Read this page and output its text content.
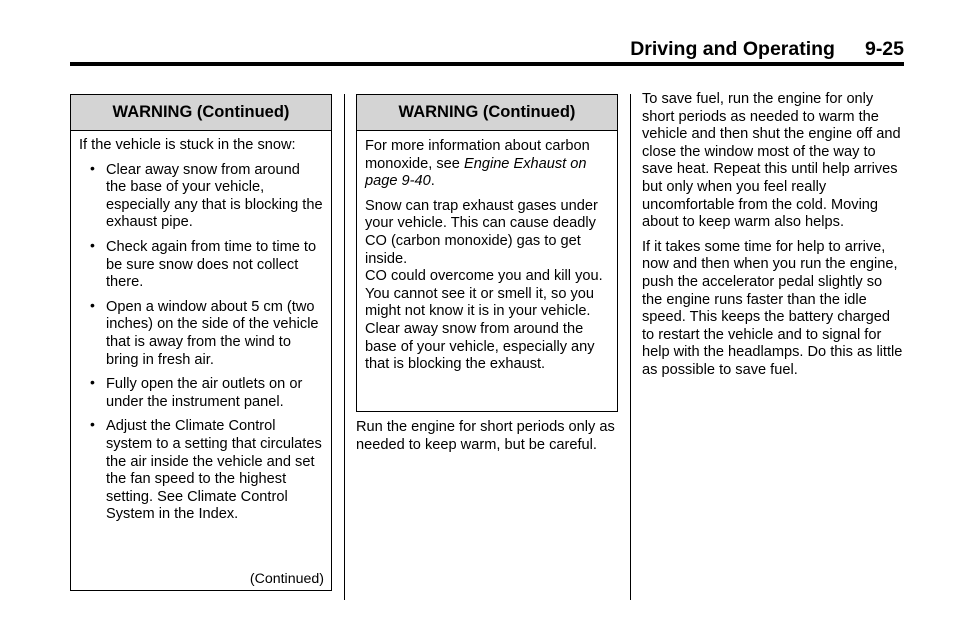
Driving and Operating 9-25
WARNING (Continued)

If the vehicle is stuck in the snow:

• Clear away snow from around the base of your vehicle, especially any that is blocking the exhaust pipe.
• Check again from time to time to be sure snow does not collect there.
• Open a window about 5 cm (two inches) on the side of the vehicle that is away from the wind to bring in fresh air.
• Fully open the air outlets on or under the instrument panel.
• Adjust the Climate Control system to a setting that circulates the air inside the vehicle and set the fan speed to the highest setting. See Climate Control System in the Index.
(Continued)
WARNING (Continued)

For more information about carbon monoxide, see Engine Exhaust on page 9-40.

Snow can trap exhaust gases under your vehicle. This can cause deadly CO (carbon monoxide) gas to get inside.

CO could overcome you and kill you. You cannot see it or smell it, so you might not know it is in your vehicle. Clear away snow from around the base of your vehicle, especially any that is blocking the exhaust.

Run the engine for short periods only as needed to keep warm, but be careful.

To save fuel, run the engine for only short periods as needed to warm the vehicle and then shut the engine off and close the window most of the way to save heat. Repeat this until help arrives but only when you feel really uncomfortable from the cold. Moving about to keep warm also helps.

If it takes some time for help to arrive, now and then when you run the engine, push the accelerator pedal slightly so the engine runs faster than the idle speed. This keeps the battery charged to restart the vehicle and to signal for help with the headlamps. Do this as little as possible to save fuel.
